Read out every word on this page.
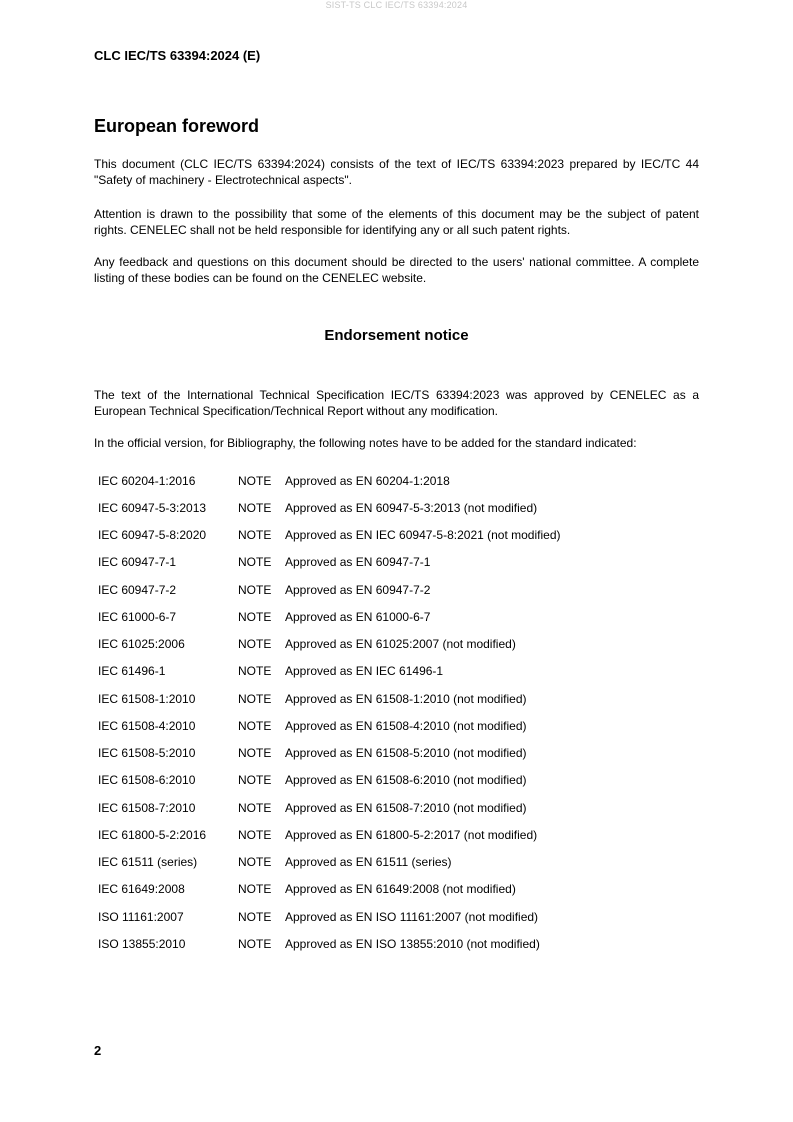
SIST-TS CLC IEC/TS 63394:2024
CLC IEC/TS 63394:2024 (E)
European foreword

This document (CLC IEC/TS 63394:2024) consists of the text of IEC/TS 63394:2023 prepared by IEC/TC 44 "Safety of machinery - Electrotechnical aspects".

Attention is drawn to the possibility that some of the elements of this document may be the subject of patent rights. CENELEC shall not be held responsible for identifying any or all such patent rights.

Any feedback and questions on this document should be directed to the users' national committee. A complete listing of these bodies can be found on the CENELEC website.

Endorsement notice

The text of the International Technical Specification IEC/TS 63394:2023 was approved by CENELEC as a European Technical Specification/Technical Report without any modification.

In the official version, for Bibliography, the following notes have to be added for the standard indicated:

IEC 60204-1:2016	NOTE	Approved as EN 60204-1:2018
IEC 60947-5-3:2013	NOTE	Approved as EN 60947-5-3:2013 (not modified)
IEC 60947-5-8:2020	NOTE	Approved as EN IEC 60947-5-8:2021 (not modified)
IEC 60947-7-1	NOTE	Approved as EN 60947-7-1
IEC 60947-7-2	NOTE	Approved as EN 60947-7-2
IEC 61000-6-7	NOTE	Approved as EN 61000-6-7
IEC 61025:2006	NOTE	Approved as EN 61025:2007 (not modified)
IEC 61496-1	NOTE	Approved as EN IEC 61496-1
IEC 61508-1:2010	NOTE	Approved as EN 61508-1:2010 (not modified)
IEC 61508-4:2010	NOTE	Approved as EN 61508-4:2010 (not modified)
IEC 61508-5:2010	NOTE	Approved as EN 61508-5:2010 (not modified)
IEC 61508-6:2010	NOTE	Approved as EN 61508-6:2010 (not modified)
IEC 61508-7:2010	NOTE	Approved as EN 61508-7:2010 (not modified)
IEC 61800-5-2:2016	NOTE	Approved as EN 61800-5-2:2017 (not modified)
IEC 61511 (series)	NOTE	Approved as EN 61511 (series)
IEC 61649:2008	NOTE	Approved as EN 61649:2008 (not modified)
ISO 11161:2007	NOTE	Approved as EN ISO 11161:2007 (not modified)
ISO 13855:2010	NOTE	Approved as EN ISO 13855:2010 (not modified)
2
